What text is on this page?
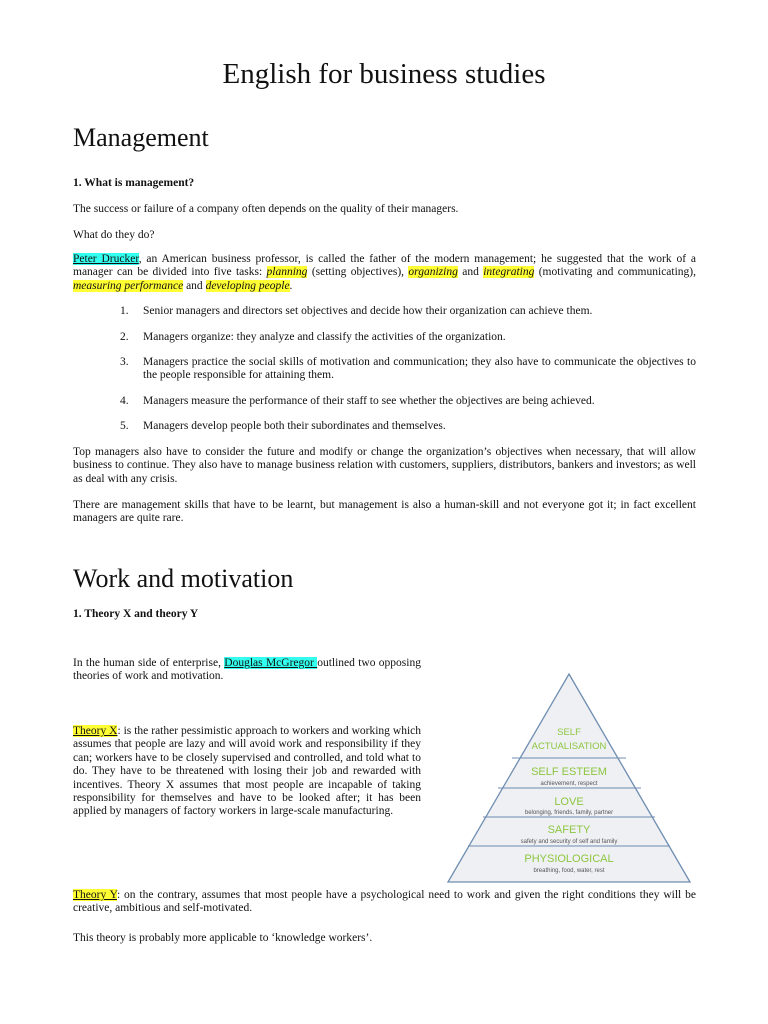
English for business studies
Management
1. What is management?
The success or failure of a company often depends on the quality of their managers.
What do they do?
Peter Drucker, an American business professor, is called the father of the modern management; he suggested that the work of a manager can be divided into five tasks: planning (setting objectives), organizing and integrating (motivating and communicating), measuring performance and developing people.
1. Senior managers and directors set objectives and decide how their organization can achieve them.
2. Managers organize: they analyze and classify the activities of the organization.
3. Managers practice the social skills of motivation and communication; they also have to communicate the objectives to the people responsible for attaining them.
4. Managers measure the performance of their staff to see whether the objectives are being achieved.
5. Managers develop people both their subordinates and themselves.
Top managers also have to consider the future and modify or change the organization’s objectives when necessary, that will allow business to continue. They also have to manage business relation with customers, suppliers, distributors, bankers and investors; as well as deal with any crisis.
There are management skills that have to be learnt, but management is also a human-skill and not everyone got it; in fact excellent managers are quite rare.
Work and motivation
1. Theory X and theory Y
In the human side of enterprise, Douglas McGregor outlined two opposing theories of work and motivation.
Theory X: is the rather pessimistic approach to workers and working which assumes that people are lazy and will avoid work and responsibility if they can; workers have to be closely supervised and controlled, and told what to do. They have to be threatened with losing their job and rewarded with incentives. Theory X assumes that most people are incapable of taking responsibility for themselves and have to be looked after; it has been applied by managers of factory workers in large-scale manufacturing.
SELF
ACTUALISATION
SELF ESTEEM
achievement, respect
LOVE
belonging, friends, family, partner
SAFETY
safety and security of self and family
PHYSIOLOGICAL
breathing, food, water, rest
Theory Y: on the contrary, assumes that most people have a psychological need to work and given the right conditions they will be creative, ambitious and self-motivated.
This theory is probably more applicable to ‘knowledge workers’.
